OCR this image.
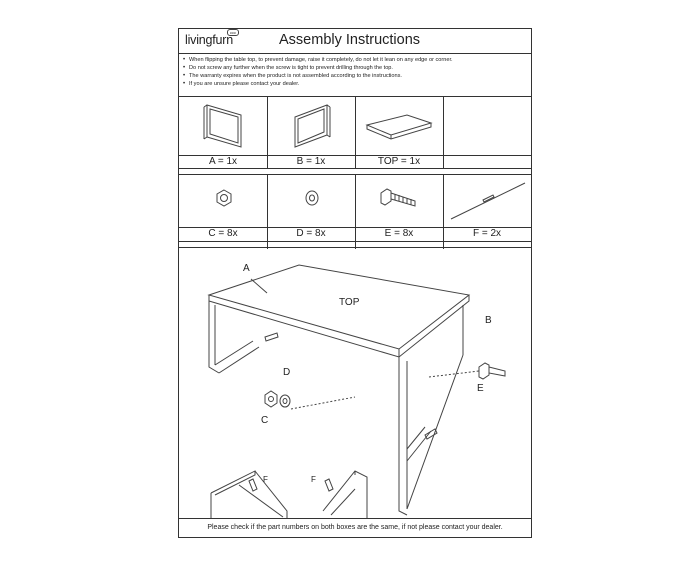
livingfurn
ccc	Assembly Instructions
• When flipping the table top, to prevent damage, raise it completely, do not let it lean on any edge or corner.
• Do not screw any further when the screw is tight to prevent drilling through the top.
• The warranty expires when the product is not assembled according to the instructions.
• If you are unsure please contact your dealer.
A = 1x	B = 1x	TOP = 1x
C = 8x	D = 8x	E = 8x	F = 2x
A
TOP
B
D
C
E
F	F
Please check if the part numbers on both boxes are the same, if not please contact your dealer.
